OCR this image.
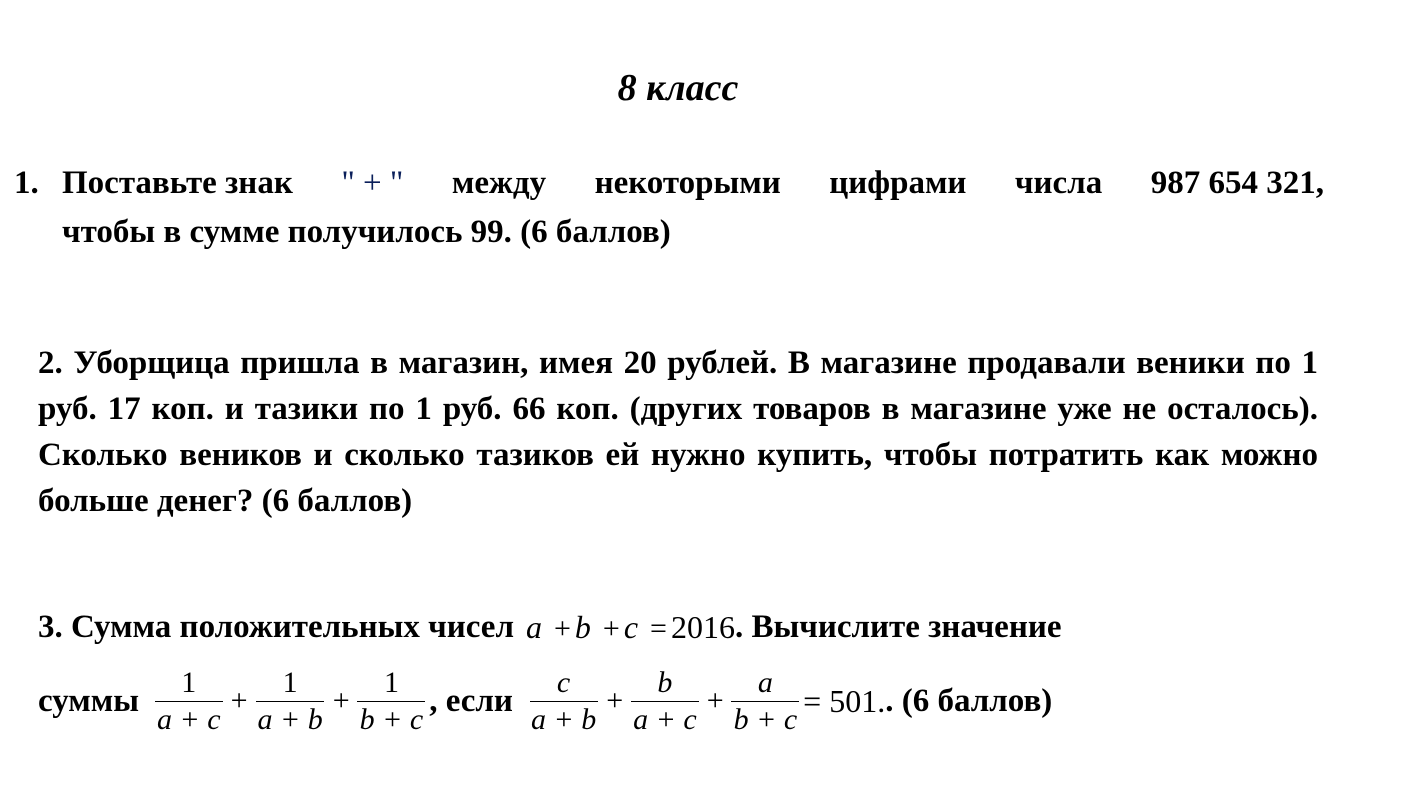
8 класс
1. Поставьте знак " + " между некоторыми цифрами числа 987 654 321,
чтобы в сумме получилось 99. (6 баллов)
2. Уборщица пришла в магазин, имея 20 рублей. В магазине продавали веники по 1 руб. 17 коп. и тазики по 1 руб. 66 коп. (других товаров в магазине уже не осталось). Сколько веников и сколько тазиков ей нужно купить, чтобы потратить как можно больше денег? (6 баллов)
3. Сумма положительных чисел a + b + c = 2016 . Вычислите значение
суммы $\frac{1}{a + c} + \frac{1}{a + b} + \frac{1}{b + c}$ , если $\frac{c}{a + b} + \frac{b}{a + c} + \frac{a}{b + c} = 501$. . (6 баллов)
